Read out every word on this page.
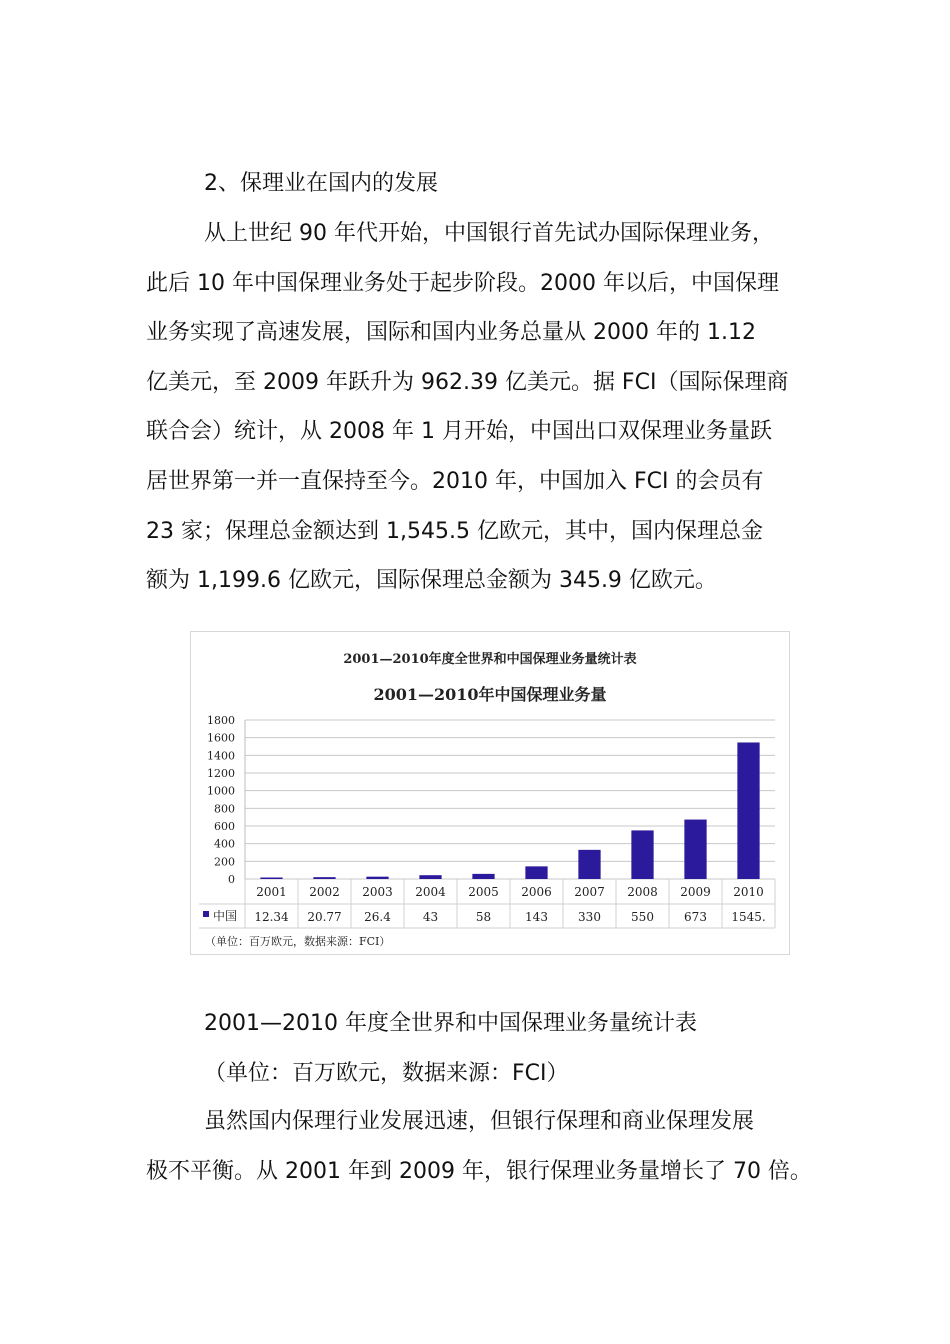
2、保理业在国内的发展
从上世纪 90 年代开始，中国银行首先试办国际保理业务，
此后 10 年中国保理业务处于起步阶段。2000 年以后，中国保理
业务实现了高速发展，国际和国内业务总量从 2000 年的 1.12
亿美元，至 2009 年跃升为 962.39 亿美元。据 FCI（国际保理商
联合会）统计，从 2008 年 1 月开始，中国出口双保理业务量跃
居世界第一并一直保持至今。2010 年，中国加入 FCI 的会员有
23 家；保理总金额达到 1,545.5 亿欧元，其中，国内保理总金
额为 1,199.6 亿欧元，国际保理总金额为 345.9 亿欧元。
2001—2010年度全世界和中国保理业务量统计表
2001—2010年中国保理业务量
0
200
400
600
800
1000
1200
1400
1600
1800
2001
12.34
2002
20.77
2003
26.4
2004
43
2005
58
2006
143
2007
330
2008
550
2009
673
2010
1545.
中国
（单位：百万欧元，数据来源：FCI）
2001—2010 年度全世界和中国保理业务量统计表
（单位：百万欧元，数据来源：FCI）
虽然国内保理行业发展迅速，但银行保理和商业保理发展
极不平衡。从 2001 年到 2009 年，银行保理业务量增长了 70 倍。
